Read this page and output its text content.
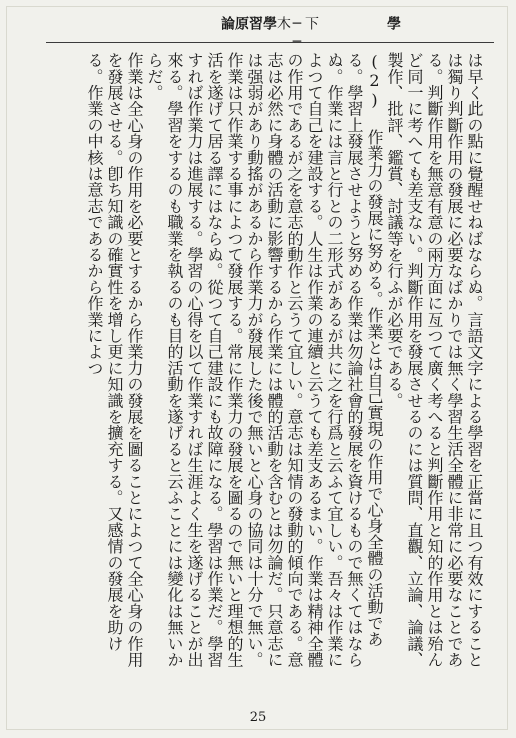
學
下 ── 木
學 習 原 論

は早く此の點に覺醒せねばならぬ。言語文字による學習を正當に且つ有效にすることは獨り判斷作用の發展に必要なばかりでは無く學習生活全體に非常に必要なことである。判斷作用を無意有意の兩方面に亙つて廣く考へると判斷作用と知的作用とは殆んど同一に考へても差支ない。判斷作用を發展させるのには質問、直觀、立論、論議、製作、批評、鑑賞、討議等を行ふが必要である。

(2) 作業力の發展に努める。作業とは自己實現の作用で心身全體の活動である。學習上發展させようと努める作業は勿論社會的發展を資けるもので無くてはならぬ。作業には言と行との二形式があるが共に之を行爲と云ふて宜しい。吾々は作業によつて自己を建設する。人生は作業の連續と云うても差支あるまい。作業は精神全體の作用であるが之を意志的動作と云うて宜しい。意志は知情の發動的傾向である。意志は必然に身體の活動に影響するから作業には體的活動を含むとは勿論だ。只意志には强弱があり動搖があるから作業力が發展した後で無いと心身の協同は十分で無い。作業は只作業する事によつて發展する。常に作業力の發展を圖るので無いと理想的生活を遂げて居る譯にはならぬ。從つて自己建設にも故障になる。學習は作業だ。學習すれば作業力は進展する。學習の心得を以て作業すれば生涯よく生を遂げることが出來る。學習をするのも職業を執るのも目的活動を遂げると云ふことには變化は無いからだ。

作業は全心身の作用を必要とするから作業力の發展を圖ることによつて全心身の作用を發展させる。卽ち知識の確實性を增し更に知識を擴充する。又感情の發展を助ける。作業の中核は意志であるから作業によつ

25
